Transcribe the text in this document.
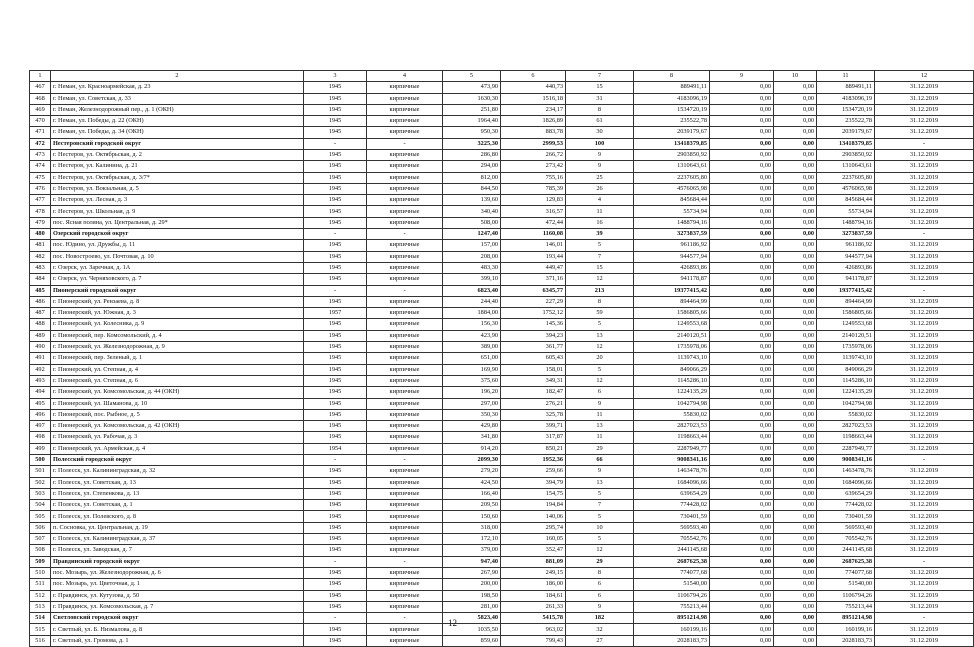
1	2	3	4	5	6	7	8	9	10	11	12
467	г. Неман, ул. Красноармейская, д. 23	1945	кирпичные	473,90	440,73	15	889491,11	0,00	0,00	889491,11	31.12.2019
468	г. Неман, ул. Советская, д. 33	1945	кирпичные	1630,30	1516,18	31	4183096,19	0,00	0,00	4183096,19	31.12.2019
469	г. Неман, Железнодорожный пер., д. 1 (ОКН)	1945	кирпичные	251,80	234,17	8	1534720,19	0,00	0,00	1534720,19	31.12.2019
470	г. Неман, ул. Победы, д. 22 (ОКН)	1945	кирпичные	1964,40	1826,89	61	235522,78	0,00	0,00	235522,78	31.12.2019
471	г. Неман, ул. Победы, д. 34 (ОКН)	1945	кирпичные	950,30	883,78	30	2039179,67	0,00	0,00	2039179,67	31.12.2019
472	Нестеровский городской округ	-	-	3225,30	2999,53	100	13418379,85	0,00	0,00	13418379,85	-
473	г. Нестеров, ул. Октябрьская, д. 2	1945	кирпичные	286,80	266,72	9	2903850,92	0,00	0,00	2903850,92	31.12.2019
474	г. Нестеров, ул. Калинина, д. 21	1945	кирпичные	294,00	273,42	9	1310643,61	0,00	0,00	1310643,61	31.12.2019
475	г. Нестеров, ул. Октябрьская, д. 3/7*	1945	кирпичные	812,00	755,16	25	2237605,80	0,00	0,00	2237605,80	31.12.2019
476	г. Нестеров, ул. Вокзальная, д. 5	1945	кирпичные	844,50	785,39	26	4576065,98	0,00	0,00	4576065,98	31.12.2019
477	г. Нестеров, ул. Лесная, д. 3	1945	кирпичные	139,60	129,83	4	845684,44	0,00	0,00	845684,44	31.12.2019
478	г. Нестеров, ул. Школьная, д. 9	1945	кирпичные	340,40	316,57	11	55734,94	0,00	0,00	55734,94	31.12.2019
479	пос. Ясная поляна, ул. Центральная, д. 29*	1945	кирпичные	508,00	472,44	16	1488794,16	0,00	0,00	1488794,16	31.12.2019
480	Озерский городской округ	-	-	1247,40	1160,08	39	3273837,59	0,00	0,00	3273837,59	-
481	пос. Юдино, ул. Дружбы, д. 11	1945	кирпичные	157,00	146,01	5	961186,92	0,00	0,00	961186,92	31.12.2019
482	пос. Новостроево, ул. Почтовая, д. 10	1945	кирпичные	208,00	193,44	7	944577,94	0,00	0,00	944577,94	31.12.2019
483	г. Озерск, ул. Заречная, д. 1А	1945	кирпичные	483,30	449,47	15	426893,86	0,00	0,00	426893,86	31.12.2019
484	г. Озерск, ул. Черняховского, д. 7	1945	кирпичные	399,10	371,16	12	941178,87	0,00	0,00	941178,87	31.12.2019
485	Пионерский городской округ	-	-	6823,40	6345,77	213	19377415,42	0,00	0,00	19377415,42	-
486	г. Пионерский, ул. Рензаева, д. 8	1945	кирпичные	244,40	227,29	8	894464,99	0,00	0,00	894464,99	31.12.2019
487	г. Пионерский, ул. Южная, д. 3	1957	кирпичные	1884,00	1752,12	59	1586805,66	0,00	0,00	1586805,66	31.12.2019
488	г. Пионерский, ул. Колесника, д. 9	1945	кирпичные	156,30	145,36	5	1249553,68	0,00	0,00	1249553,68	31.12.2019
489	г. Пионерский, пер. Комсомольский, д. 4	1945	кирпичные	423,90	394,23	13	2140120,51	0,00	0,00	2140120,51	31.12.2019
490	г. Пионерский, ул. Железнодорожная, д. 9	1945	кирпичные	389,00	361,77	12	1735978,06	0,00	0,00	1735978,06	31.12.2019
491	г. Пионерский, пер. Зеленый, д. 1	1945	кирпичные	651,00	605,43	20	1139743,10	0,00	0,00	1139743,10	31.12.2019
492	г. Пионерский, ул. Степная, д. 4	1945	кирпичные	169,90	158,01	5	849066,29	0,00	0,00	849066,29	31.12.2019
493	г. Пионерский, ул. Степная, д. 6	1945	кирпичные	375,60	349,31	12	1145286,10	0,00	0,00	1145286,10	31.12.2019
494	г. Пионерский, ул. Комсомольская, д. 44 (ОКН)	1945	кирпичные	196,20	182,47	6	1224135,29	0,00	0,00	1224135,29	31.12.2019
495	г. Пионерский, ул. Шаманова, д. 10	1945	кирпичные	297,00	276,21	9	1042794,98	0,00	0,00	1042794,98	31.12.2019
496	г. Пионерский, пос. Рыбное, д. 5	1945	кирпичные	350,30	325,78	11	55830,02	0,00	0,00	55830,02	31.12.2019
497	г. Пионерский, ул. Комсомольская, д. 42 (ОКН)	1945	кирпичные	429,80	399,71	13	2827023,53	0,00	0,00	2827023,53	31.12.2019
498	г. Пионерский, ул. Рабочая, д. 3	1945	кирпичные	341,80	317,87	11	1198663,44	0,00	0,00	1198663,44	31.12.2019
499	г. Пионерский, ул. Армейская, д. 4	1954	кирпичные	914,20	850,21	29	2287949,77	0,00	0,00	2287949,77	31.12.2019
500	Полесский городской округ	-	-	2099,30	1952,36	66	9008341,16	0,00	0,00	9008341,16	-
501	г. Полесск, ул. Калининградская, д. 32	1945	кирпичные	279,20	259,66	9	1463478,76	0,00	0,00	1463478,76	31.12.2019
502	г. Полесск, ул. Советская, д. 13	1945	кирпичные	424,50	394,79	13	1684096,66	0,00	0,00	1684096,66	31.12.2019
503	г. Полесск, ул. Степенкова, д. 13	1945	кирпичные	166,40	154,75	5	639654,29	0,00	0,00	639654,29	31.12.2019
504	г. Полесск, ул. Советская, д. 1	1945	кирпичные	209,50	194,84	7	774428,02	0,00	0,00	774428,02	31.12.2019
505	г. Полесск, ул. Полевского, д. 8	1945	кирпичные	150,60	140,06	5	730401,59	0,00	0,00	730401,59	31.12.2019
506	п. Сосновка, ул. Центральная, д. 19	1945	кирпичные	318,00	295,74	10	569593,40	0,00	0,00	569593,40	31.12.2019
507	г. Полесск, ул. Калининградская, д. 37	1945	кирпичные	172,10	160,05	5	705542,76	0,00	0,00	705542,76	31.12.2019
508	г. Полесск, ул. Заводская, д. 7	1945	кирпичные	379,00	352,47	12	2441145,68	0,00	0,00	2441145,68	31.12.2019
509	Правдинский городской округ	-	-	947,40	881,09	29	2687625,38	0,00	0,00	2687625,38	-
510	пос. Мозырь, ул. Железнодорожная, д. 6	1945	кирпичные	267,90	249,15	8	774077,68	0,00	0,00	774077,68	31.12.2019
511	пос. Мозырь, ул. Цветочная, д. 1	1945	кирпичные	200,00	186,00	6	51540,00	0,00	0,00	51540,00	31.12.2019
512	г. Правдинск, ул. Кутузова, д. 50	1945	кирпичные	198,50	184,61	6	1106794,26	0,00	0,00	1106794,26	31.12.2019
513	г. Правдинск, ул. Комсомольская, д. 7	1945	кирпичные	281,00	261,33	9	755213,44	0,00	0,00	755213,44	31.12.2019
514	Светловский городской округ	-	-	5823,40	5415,78	182	8951214,98	0,00	0,00	8951214,98	-
515	г. Светлый, ул. Б. Низмалова, д. 8	1945	кирпичные	1035,50	963,02	32	160199,16	0,00	0,00	160199,16	31.12.2019
516	г. Светлый, ул. Громова, д. 1	1945	кирпичные	859,60	799,43	27	2028183,73	0,00	0,00	2028183,73	31.12.2019
12
